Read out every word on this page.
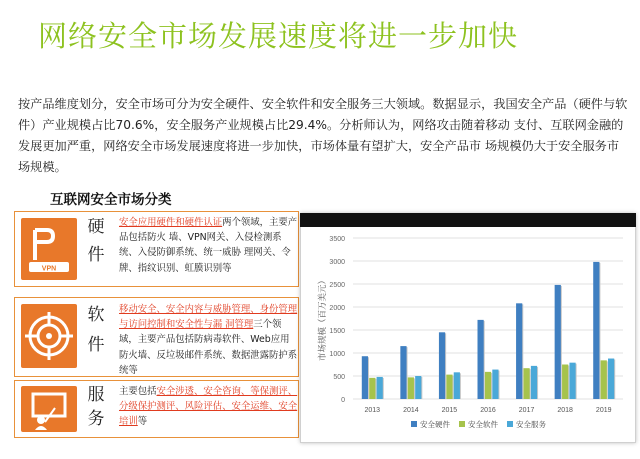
网络安全市场发展速度将进一步加快
按产品维度划分，安全市场可分为安全硬件、安全软件和安全服务三大领域。数据显示，我国安全产品（硬件与软件）产业规模占比70.6%，安全服务产业规模占比29.4%。分析师认为，网络攻击随着移动 支付、互联网金融的发展更加严重，网络安全市场发展速度将进一步加快，市场体量有望扩大，安全产品市 场规模仍大于安全服务市场规模。
互联网安全市场分类
VPN
硬
件
安全应用硬件和硬件认证两个领域，主要产品包括防火 墙、VPN网关、入侵检测系统、入侵防御系统、统一威胁 理网关、令牌、指纹识别、虹膜识别等
软
件
移动安全、安全内容与威胁管理、身份管理与访问控制和安全性与漏 洞管理三个领域，主要产品包括防病毒软件、Web应用 防火墙、反垃圾邮件系统、数据泄露防护系统等
服
务
主要包括安全涉透、安全咨询、等保测评、分级保护测评、风险评估、安全运维、安全培训等
0
500
1000
1500
2000
2500
3000
3500
市场规模（百万美元）
2013	2014	2015	2016	2017	2018	2019
安全硬件 安全软件 安全服务
